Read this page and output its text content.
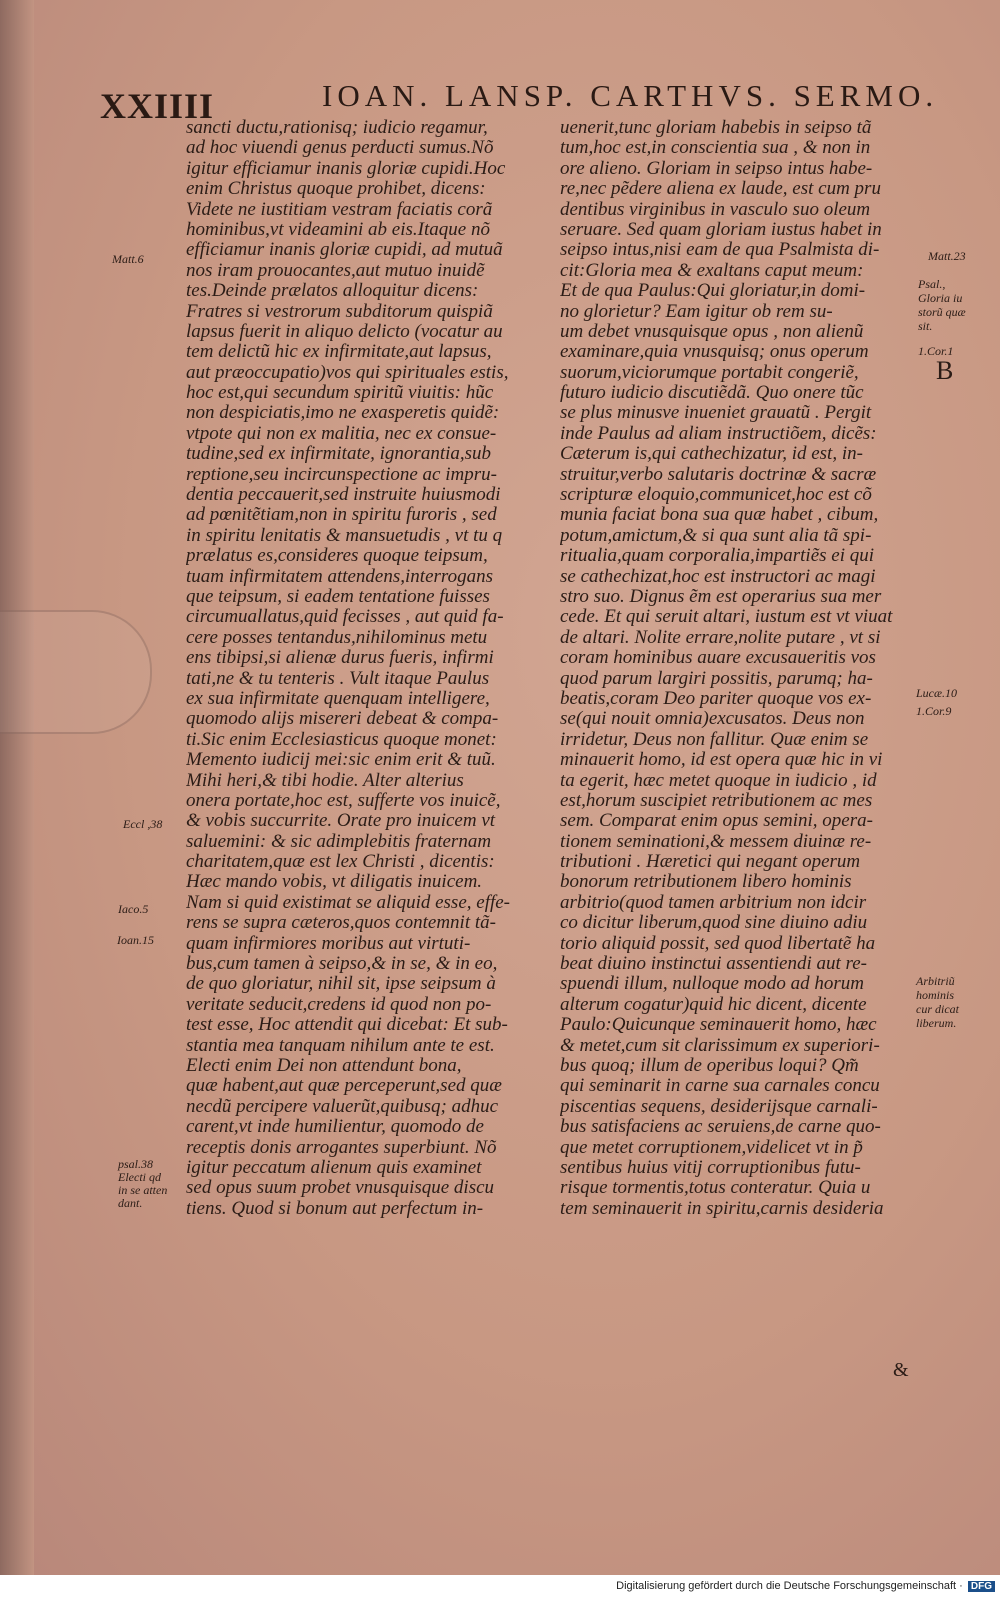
XXIIII	IOAN. LANSP. CARTHVS. SERMO.
sancti ductu,rationisq; iudicio regamur,
ad hoc viuendi genus perducti sumus.Nõ
igitur efficiamur inanis gloriæ cupidi.Hoc
enim Christus quoque prohibet, dicens:
Videte ne iustitiam vestram faciatis corã
hominibus,vt videamini ab eis.Itaque nõ
efficiamur inanis gloriæ cupidi, ad mutuã
nos iram prouocantes,aut mutuo inuidẽ
tes.Deinde prælatos alloquitur dicens:
Fratres si vestrorum subditorum quispiã
lapsus fuerit in aliquo delicto (vocatur au
tem delictũ hic ex infirmitate,aut lapsus,
aut præoccupatio)vos qui spirituales estis,
hoc est,qui secundum spiritũ viuitis: hũc
non despiciatis,imo ne exasperetis quidẽ:
vtpote qui non ex malitia, nec ex consue-
tudine,sed ex infirmitate, ignorantia,sub
reptione,seu incircunspectione ac impru-
dentia peccauerit,sed instruite huiusmodi
ad pœnitẽtiam,non in spiritu furoris , sed
in spiritu lenitatis & mansuetudis , vt tu q
prælatus es,consideres quoque teipsum,
tuam infirmitatem attendens,interrogans
que teipsum, si eadem tentatione fuisses
circumuallatus,quid fecisses , aut quid fa-
cere posses tentandus,nihilominus metu
ens tibipsi,si alienæ durus fueris, infirmi
tati,ne & tu tenteris . Vult itaque Paulus
ex sua infirmitate quenquam intelligere,
quomodo alijs misereri debeat & compa-
ti.Sic enim Ecclesiasticus quoque monet:
Memento iudicij mei:sic enim erit & tuũ.
Mihi heri,& tibi hodie. Alter alterius
onera portate,hoc est, sufferte vos inuicẽ,
& vobis succurrite. Orate pro inuicem vt
saluemini: & sic adimplebitis fraternam
charitatem,quæ est lex Christi , dicentis:
Hæc mando vobis, vt diligatis inuicem.
Nam si quid existimat se aliquid esse, effe-
rens se supra cæteros,quos contemnit tã-
quam infirmiores moribus aut virtuti-
bus,cum tamen à seipso,& in se, & in eo,
de quo gloriatur, nihil sit, ipse seipsum à
veritate seducit,credens id quod non po-
test esse, Hoc attendit qui dicebat: Et sub-
stantia mea tanquam nihilum ante te est.
Electi enim Dei non attendunt bona,
quæ habent,aut quæ perceperunt,sed quæ
necdũ percipere valuerũt,quibusq; adhuc
carent,vt inde humilientur, quomodo de
receptis donis arrogantes superbiunt. Nõ
igitur peccatum alienum quis examinet
sed opus suum probet vnusquisque discu
tiens. Quod si bonum aut perfectum in-
uenerit,tunc gloriam habebis in seipso tã
tum,hoc est,in conscientia sua , & non in
ore alieno. Gloriam in seipso intus habe-
re,nec pẽdere aliena ex laude, est cum pru
dentibus virginibus in vasculo suo oleum
seruare. Sed quam gloriam iustus habet in
seipso intus,nisi eam de qua Psalmista di-
cit:Gloria mea & exaltans caput meum:
Et de qua Paulus:Qui gloriatur,in domi-
no glorietur? Eam igitur ob rem su-
um debet vnusquisque opus , non alienũ
examinare,quia vnusquisq; onus operum
suorum,viciorumque portabit congeriẽ,
futuro iudicio discutiẽdã. Quo onere tũc
se plus minusve inueniet grauatũ . Pergit
inde Paulus ad aliam instructiõem, dicẽs:
Cæterum is,qui cathechizatur, id est, in-
struitur,verbo salutaris doctrinæ & sacræ
scripturæ eloquio,communicet,hoc est cõ
munia faciat bona sua quæ habet , cibum,
potum,amictum,& si qua sunt alia tã spi-
ritualia,quam corporalia,impartiẽs ei qui
se cathechizat,hoc est instructori ac magi
stro suo. Dignus ẽm est operarius sua mer
cede. Et qui seruit altari, iustum est vt viuat
de altari. Nolite errare,nolite putare , vt si
coram hominibus auare excusaueritis vos
quod parum largiri possitis, parumq; ha-
beatis,coram Deo pariter quoque vos ex-
se(qui nouit omnia)excusatos. Deus non
irridetur, Deus non fallitur. Quæ enim se
minauerit homo, id est opera quæ hic in vi
ta egerit, hæc metet quoque in iudicio , id
est,horum suscipiet retributionem ac mes
sem. Comparat enim opus semini, opera-
tionem seminationi,& messem diuinæ re-
tributioni . Hæretici qui negant operum
bonorum retributionem libero hominis
arbitrio(quod tamen arbitrium non idcir
co dicitur liberum,quod sine diuino adiu
torio aliquid possit, sed quod libertatẽ ha
beat diuino instinctui assentiendi aut re-
spuendi illum, nulloque modo ad horum
alterum cogatur)quid hic dicent, dicente
Paulo:Quicunque seminauerit homo, hæc
& metet,cum sit clarissimum ex superiori-
bus quoq; illum de operibus loqui? Qm̃
qui seminarit in carne sua carnales concu
piscentias sequens, desiderijsque carnali-
bus satisfaciens ac seruiens,de carne quo-
que metet corruptionem,videlicet vt in p̃
sentibus huius vitij corruptionibus futu-
risque tormentis,totus conteratur. Quia u
tem seminauerit in spiritu,carnis desideria
Matt.6
Eccl ,38
Iaco.5
Ioan.15
psal.38
Electi qd
in se atten
dant.
Matt.23
Psal.,
Gloria iu
storũ quæ
sit.
1.Cor.1
B
Lucæ.10
1.Cor.9
Arbitriũ
hominis
cur dicat
liberum.
&
Digitalisierung gefördert durch die Deutsche Forschungsgemeinschaft · DFG
